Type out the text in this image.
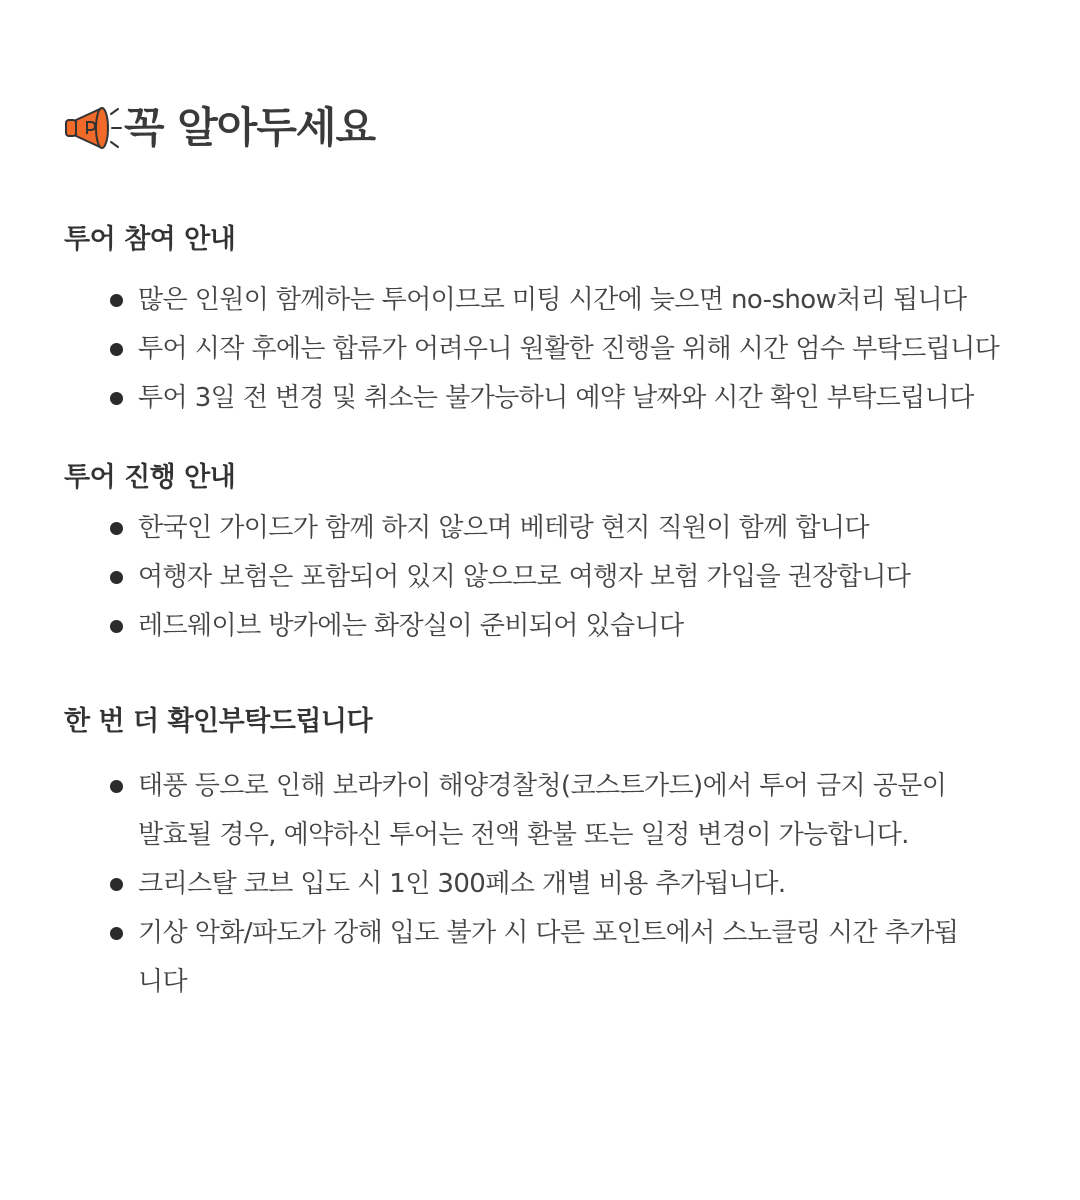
꼭 알아두세요
투어 참여 안내
많은 인원이 함께하는 투어이므로 미팅 시간에 늦으면 no-show처리 됩니다
투어 시작 후에는 합류가 어려우니 원활한 진행을 위해 시간 엄수 부탁드립니다
투어 3일 전 변경 및 취소는 불가능하니 예약 날짜와 시간 확인 부탁드립니다
투어 진행 안내
한국인 가이드가 함께 하지 않으며 베테랑 현지 직원이 함께 합니다
여행자 보험은 포함되어 있지 않으므로 여행자 보험 가입을 권장합니다
레드웨이브 방카에는 화장실이 준비되어 있습니다
한 번 더 확인부탁드립니다
태풍 등으로 인해 보라카이 해양경찰청(코스트가드)에서 투어 금지 공문이
발효될 경우, 예약하신 투어는 전액 환불 또는 일정 변경이 가능합니다.
크리스탈 코브 입도 시 1인 300페소 개별 비용 추가됩니다.
기상 악화/파도가 강해 입도 불가 시 다른 포인트에서 스노클링 시간 추가됩
니다
